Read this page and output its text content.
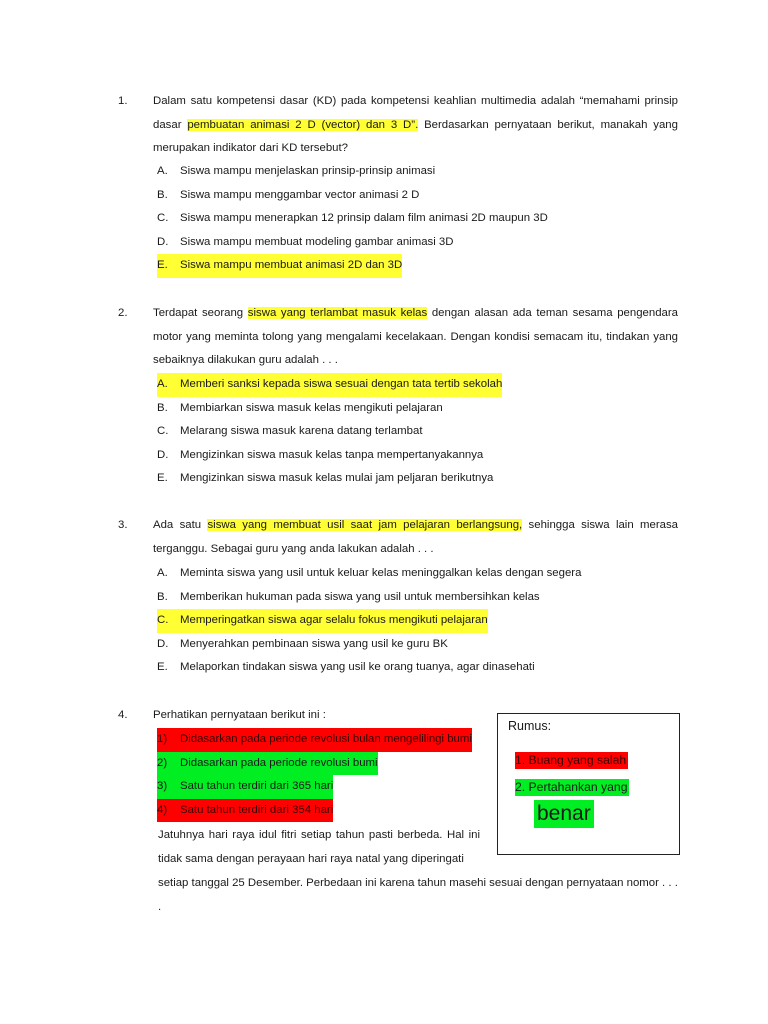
1. Dalam satu kompetensi dasar (KD) pada kompetensi keahlian multimedia adalah “memahami prinsip dasar pembuatan animasi 2 D (vector) dan 3 D”. Berdasarkan pernyataan berikut, manakah yang merupakan indikator dari KD tersebut?
A. Siswa mampu menjelaskan prinsip-prinsip animasi
B. Siswa mampu menggambar vector animasi 2 D
C. Siswa mampu menerapkan 12 prinsip dalam film animasi 2D maupun 3D
D. Siswa mampu membuat modeling gambar animasi 3D
E. Siswa mampu membuat animasi 2D dan 3D
2. Terdapat seorang siswa yang terlambat masuk kelas dengan alasan ada teman sesama pengendara motor yang meminta tolong yang mengalami kecelakaan. Dengan kondisi semacam itu, tindakan yang sebaiknya dilakukan guru adalah . . .
A. Memberi sanksi kepada siswa sesuai dengan tata tertib sekolah
B. Membiarkan siswa masuk kelas mengikuti pelajaran
C. Melarang siswa masuk karena datang terlambat
D. Mengizinkan siswa masuk kelas tanpa mempertanyakannya
E. Mengizinkan siswa masuk kelas mulai jam peljaran berikutnya
3. Ada satu siswa yang membuat usil saat jam pelajaran berlangsung, sehingga siswa lain merasa terganggu. Sebagai guru yang anda lakukan adalah . . .
A. Meminta siswa yang usil untuk keluar kelas meninggalkan kelas dengan segera
B. Memberikan hukuman pada siswa yang usil untuk membersihkan kelas
C. Memperingatkan siswa agar selalu fokus mengikuti pelajaran
D. Menyerahkan pembinaan siswa yang usil ke guru BK
E. Melaporkan tindakan siswa yang usil ke orang tuanya, agar dinasehati
4. Perhatikan pernyataan berikut ini :
1) Didasarkan pada periode revolusi bulan mengelilingi bumi
2) Didasarkan pada periode revolusi bumi
3) Satu tahun terdiri dari 365 hari
4) Satu tahun terdiri dari 354 hari
Jatuhnya hari raya idul fitri setiap tahun pasti berbeda. Hal ini tidak sama dengan perayaan hari raya natal yang diperingati
setiap tanggal 25 Desember. Perbedaan ini karena tahun masehi sesuai dengan pernyataan nomor . . . .
Rumus:
1. Buang yang salah
2. Pertahankan yang
benar
